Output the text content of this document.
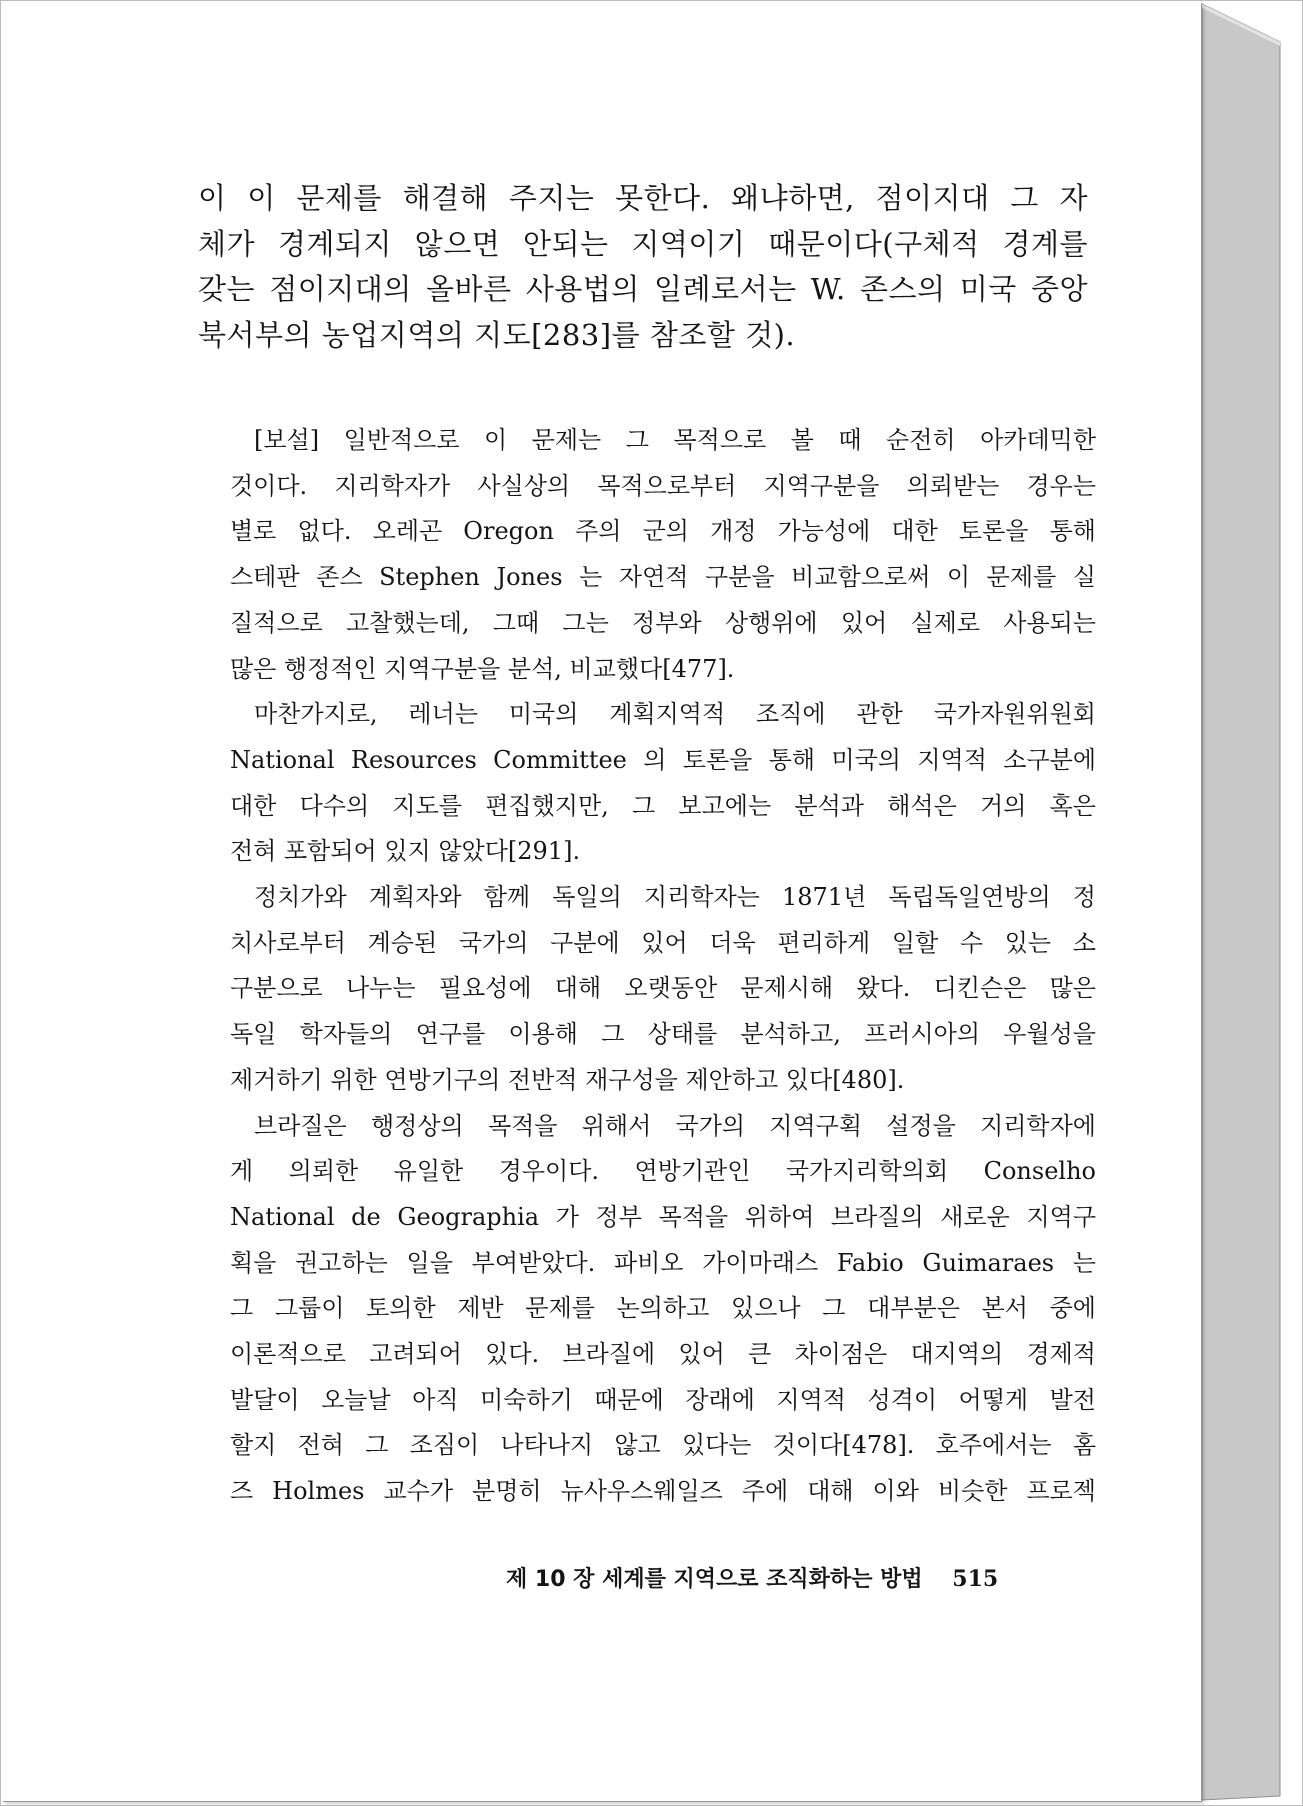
이 이 문제를 해결해 주지는 못한다. 왜냐하면, 점이지대 그 자
체가 경계되지 않으면 안되는 지역이기 때문이다(구체적 경계를
갖는 점이지대의 올바른 사용법의 일례로서는 W. 존스의 미국 중앙
북서부의 농업지역의 지도[283]를 참조할 것).
[보설] 일반적으로 이 문제는 그 목적으로 볼 때 순전히 아카데믹한
것이다. 지리학자가 사실상의 목적으로부터 지역구분을 의뢰받는 경우는
별로 없다. 오레곤 Oregon 주의 군의 개정 가능성에 대한 토론을 통해
스테판 존스 Stephen Jones 는 자연적 구분을 비교함으로써 이 문제를 실
질적으로 고찰했는데, 그때 그는 정부와 상행위에 있어 실제로 사용되는
많은 행정적인 지역구분을 분석, 비교했다[477].
마찬가지로, 레너는 미국의 계획지역적 조직에 관한 국가자원위원회
National Resources Committee 의 토론을 통해 미국의 지역적 소구분에
대한 다수의 지도를 편집했지만, 그 보고에는 분석과 해석은 거의 혹은
전혀 포함되어 있지 않았다[291].
정치가와 계획자와 함께 독일의 지리학자는 1871년 독립독일연방의 정
치사로부터 계승된 국가의 구분에 있어 더욱 편리하게 일할 수 있는 소
구분으로 나누는 필요성에 대해 오랫동안 문제시해 왔다. 디킨슨은 많은
독일 학자들의 연구를 이용해 그 상태를 분석하고, 프러시아의 우월성을
제거하기 위한 연방기구의 전반적 재구성을 제안하고 있다[480].
브라질은 행정상의 목적을 위해서 국가의 지역구획 설정을 지리학자에
게 의뢰한 유일한 경우이다. 연방기관인 국가지리학의회 Conselho
National de Geographia 가 정부 목적을 위하여 브라질의 새로운 지역구
획을 권고하는 일을 부여받았다. 파비오 가이마래스 Fabio Guimaraes 는
그 그룹이 토의한 제반 문제를 논의하고 있으나 그 대부분은 본서 중에
이론적으로 고려되어 있다. 브라질에 있어 큰 차이점은 대지역의 경제적
발달이 오늘날 아직 미숙하기 때문에 장래에 지역적 성격이 어떻게 발전
할지 전혀 그 조짐이 나타나지 않고 있다는 것이다[478]. 호주에서는 홈
즈 Holmes 교수가 분명히 뉴사우스웨일즈 주에 대해 이와 비슷한 프로젝
제 10 장 세계를 지역으로 조직화하는 방법 515
